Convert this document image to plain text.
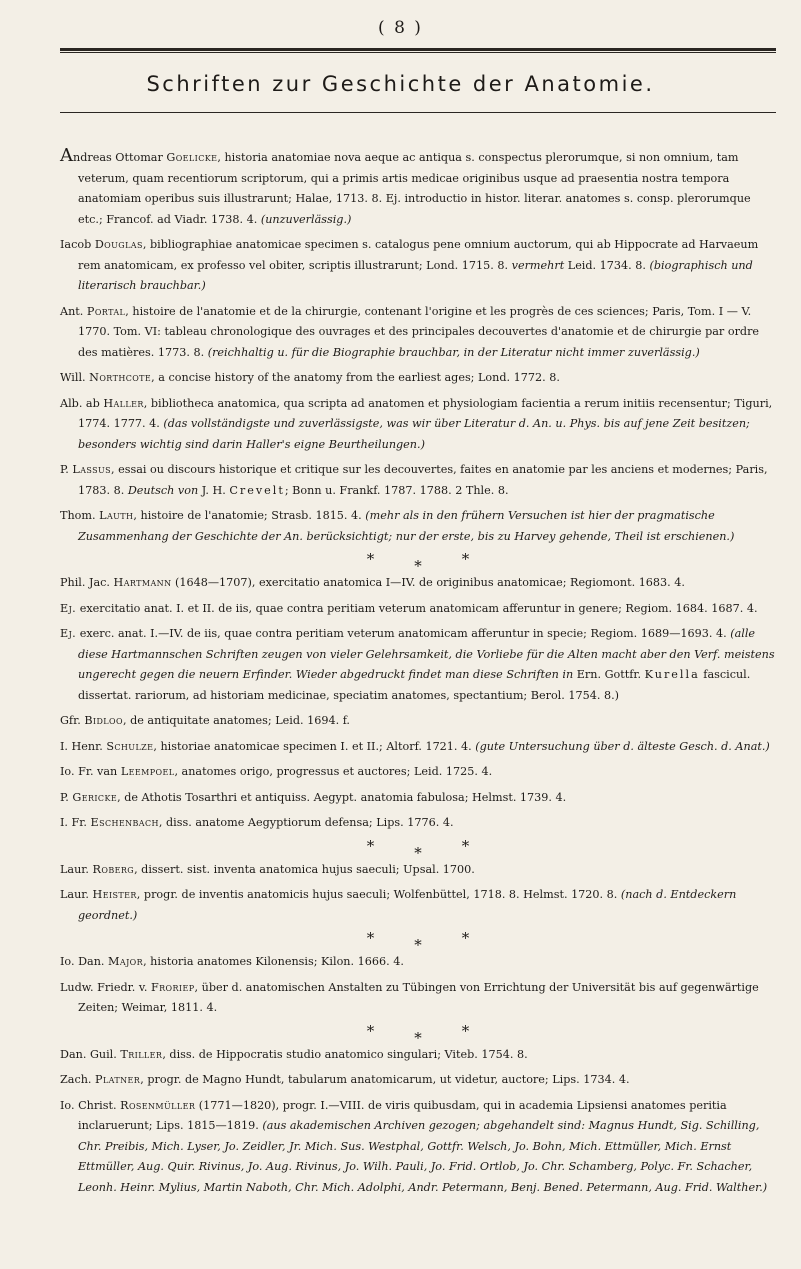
( 8 )
Schriften zur Geschichte der Anatomie.

Andreas Ottomar Goelicke, historia anatomiae nova aeque ac antiqua s. conspectus plerorumque, si non omnium, tam veterum, quam recentiorum scriptorum, qui a primis artis medicae originibus usque ad praesentia nostra tempora anatomiam operibus suis illustrarunt; Halae, 1713. 8. Ej. introductio in histor. literar. anatomes s. consp. plerorumque etc.; Francof. ad Viadr. 1738. 4. (unzuverlässig.)

Iacob Douglas, bibliographiae anatomicae specimen s. catalogus pene omnium auctorum, qui ab Hippocrate ad Harvaeum rem anatomicam, ex professo vel obiter, scriptis illustrarunt; Lond. 1715. 8. vermehrt Leid. 1734. 8. (biographisch und literarisch brauchbar.)

Ant. Portal, histoire de l'anatomie et de la chirurgie, contenant l'origine et les progrès de ces sciences; Paris, Tom. I — V. 1770. Tom. VI: tableau chronologique des ouvrages et des principales decouvertes d'anatomie et de chirurgie par ordre des matières. 1773. 8. (reichhaltig u. für die Biographie brauchbar, in der Literatur nicht immer zuverlässig.)

Will. Northcote, a concise history of the anatomy from the earliest ages; Lond. 1772. 8.

Alb. ab Haller, bibliotheca anatomica, qua scripta ad anatomen et physiologiam facientia a rerum initiis recensentur; Tiguri, 1774. 1777. 4. (das vollständigste und zuverlässigste, was wir über Literatur d. An. u. Phys. bis auf jene Zeit besitzen; besonders wichtig sind darin Haller's eigne Beurtheilungen.)

P. Lassus, essai ou discours historique et critique sur les decouvertes, faites en anatomie par les anciens et modernes; Paris, 1783. 8. Deutsch von J. H. Crevelt; Bonn u. Frankf. 1787. 1788. 2 Thle. 8.

Thom. Lauth, histoire de l'anatomie; Strasb. 1815. 4. (mehr als in den frühern Versuchen ist hier der pragmatische Zusammenhang der Geschichte der An. berücksichtigt; nur der erste, bis zu Harvey gehende, Theil ist erschienen.)

*	*	*

Phil. Jac. Hartmann (1648—1707), exercitatio anatomica I—IV. de originibus anatomicae; Regiomont. 1683. 4.

Ej. exercitatio anat. I. et II. de iis, quae contra peritiam veterum anatomicam afferuntur in genere; Regiom. 1684. 1687. 4.

Ej. exerc. anat. I.—IV. de iis, quae contra peritiam veterum anatomicam afferuntur in specie; Regiom. 1689—1693. 4. (alle diese Hartmannschen Schriften zeugen von vieler Gelehrsamkeit, die Vorliebe für die Alten macht aber den Verf. meistens ungerecht gegen die neuern Erfinder. Wieder abgedruckt findet man diese Schriften in Ern. Gottfr. Kurella fascicul. dissertat. rariorum, ad historiam medicinae, speciatim anatomes, spectantium; Berol. 1754. 8.)

Gfr. Bidloo, de antiquitate anatomes; Leid. 1694. f.

I. Henr. Schulze, historiae anatomicae specimen I. et II.; Altorf. 1721. 4. (gute Untersuchung über d. älteste Gesch. d. Anat.)

Io. Fr. van Leempoel, anatomes origo, progressus et auctores; Leid. 1725. 4.

P. Gericke, de Athotis Tosarthri et antiquiss. Aegypt. anatomia fabulosa; Helmst. 1739. 4.

I. Fr. Eschenbach, diss. anatome Aegyptiorum defensa; Lips. 1776. 4.

*	*	*

Laur. Roberg, dissert. sist. inventa anatomica hujus saeculi; Upsal. 1700.

Laur. Heister, progr. de inventis anatomicis hujus saeculi; Wolfenbüttel, 1718. 8. Helmst. 1720. 8. (nach d. Entdeckern geordnet.)

*	*	*

Io. Dan. Major, historia anatomes Kilonensis; Kilon. 1666. 4.

Ludw. Friedr. v. Froriep, über d. anatomischen Anstalten zu Tübingen von Errichtung der Universität bis auf gegenwärtige Zeiten; Weimar, 1811. 4.

*	*	*

Dan. Guil. Triller, diss. de Hippocratis studio anatomico singulari; Viteb. 1754. 8.

Zach. Platner, progr. de Magno Hundt, tabularum anatomicarum, ut videtur, auctore; Lips. 1734. 4.

Io. Christ. Rosenmüller (1771—1820), progr. I.—VIII. de viris quibusdam, qui in academia Lipsiensi anatomes peritia inclaruerunt; Lips. 1815—1819. (aus akademischen Archiven gezogen; abgehandelt sind: Magnus Hundt, Sig. Schilling, Chr. Preibis, Mich. Lyser, Jo. Zeidler, Jr. Mich. Sus. Westphal, Gottfr. Welsch, Jo. Bohn, Mich. Ettmüller, Mich. Ernst Ettmüller, Aug. Quir. Rivinus, Jo. Aug. Rivinus, Jo. Wilh. Pauli, Jo. Frid. Ortlob, Jo. Chr. Schamberg, Polyc. Fr. Schacher, Leonh. Heinr. Mylius, Martin Naboth, Chr. Mich. Adolphi, Andr. Petermann, Benj. Bened. Petermann, Aug. Frid. Walther.)
